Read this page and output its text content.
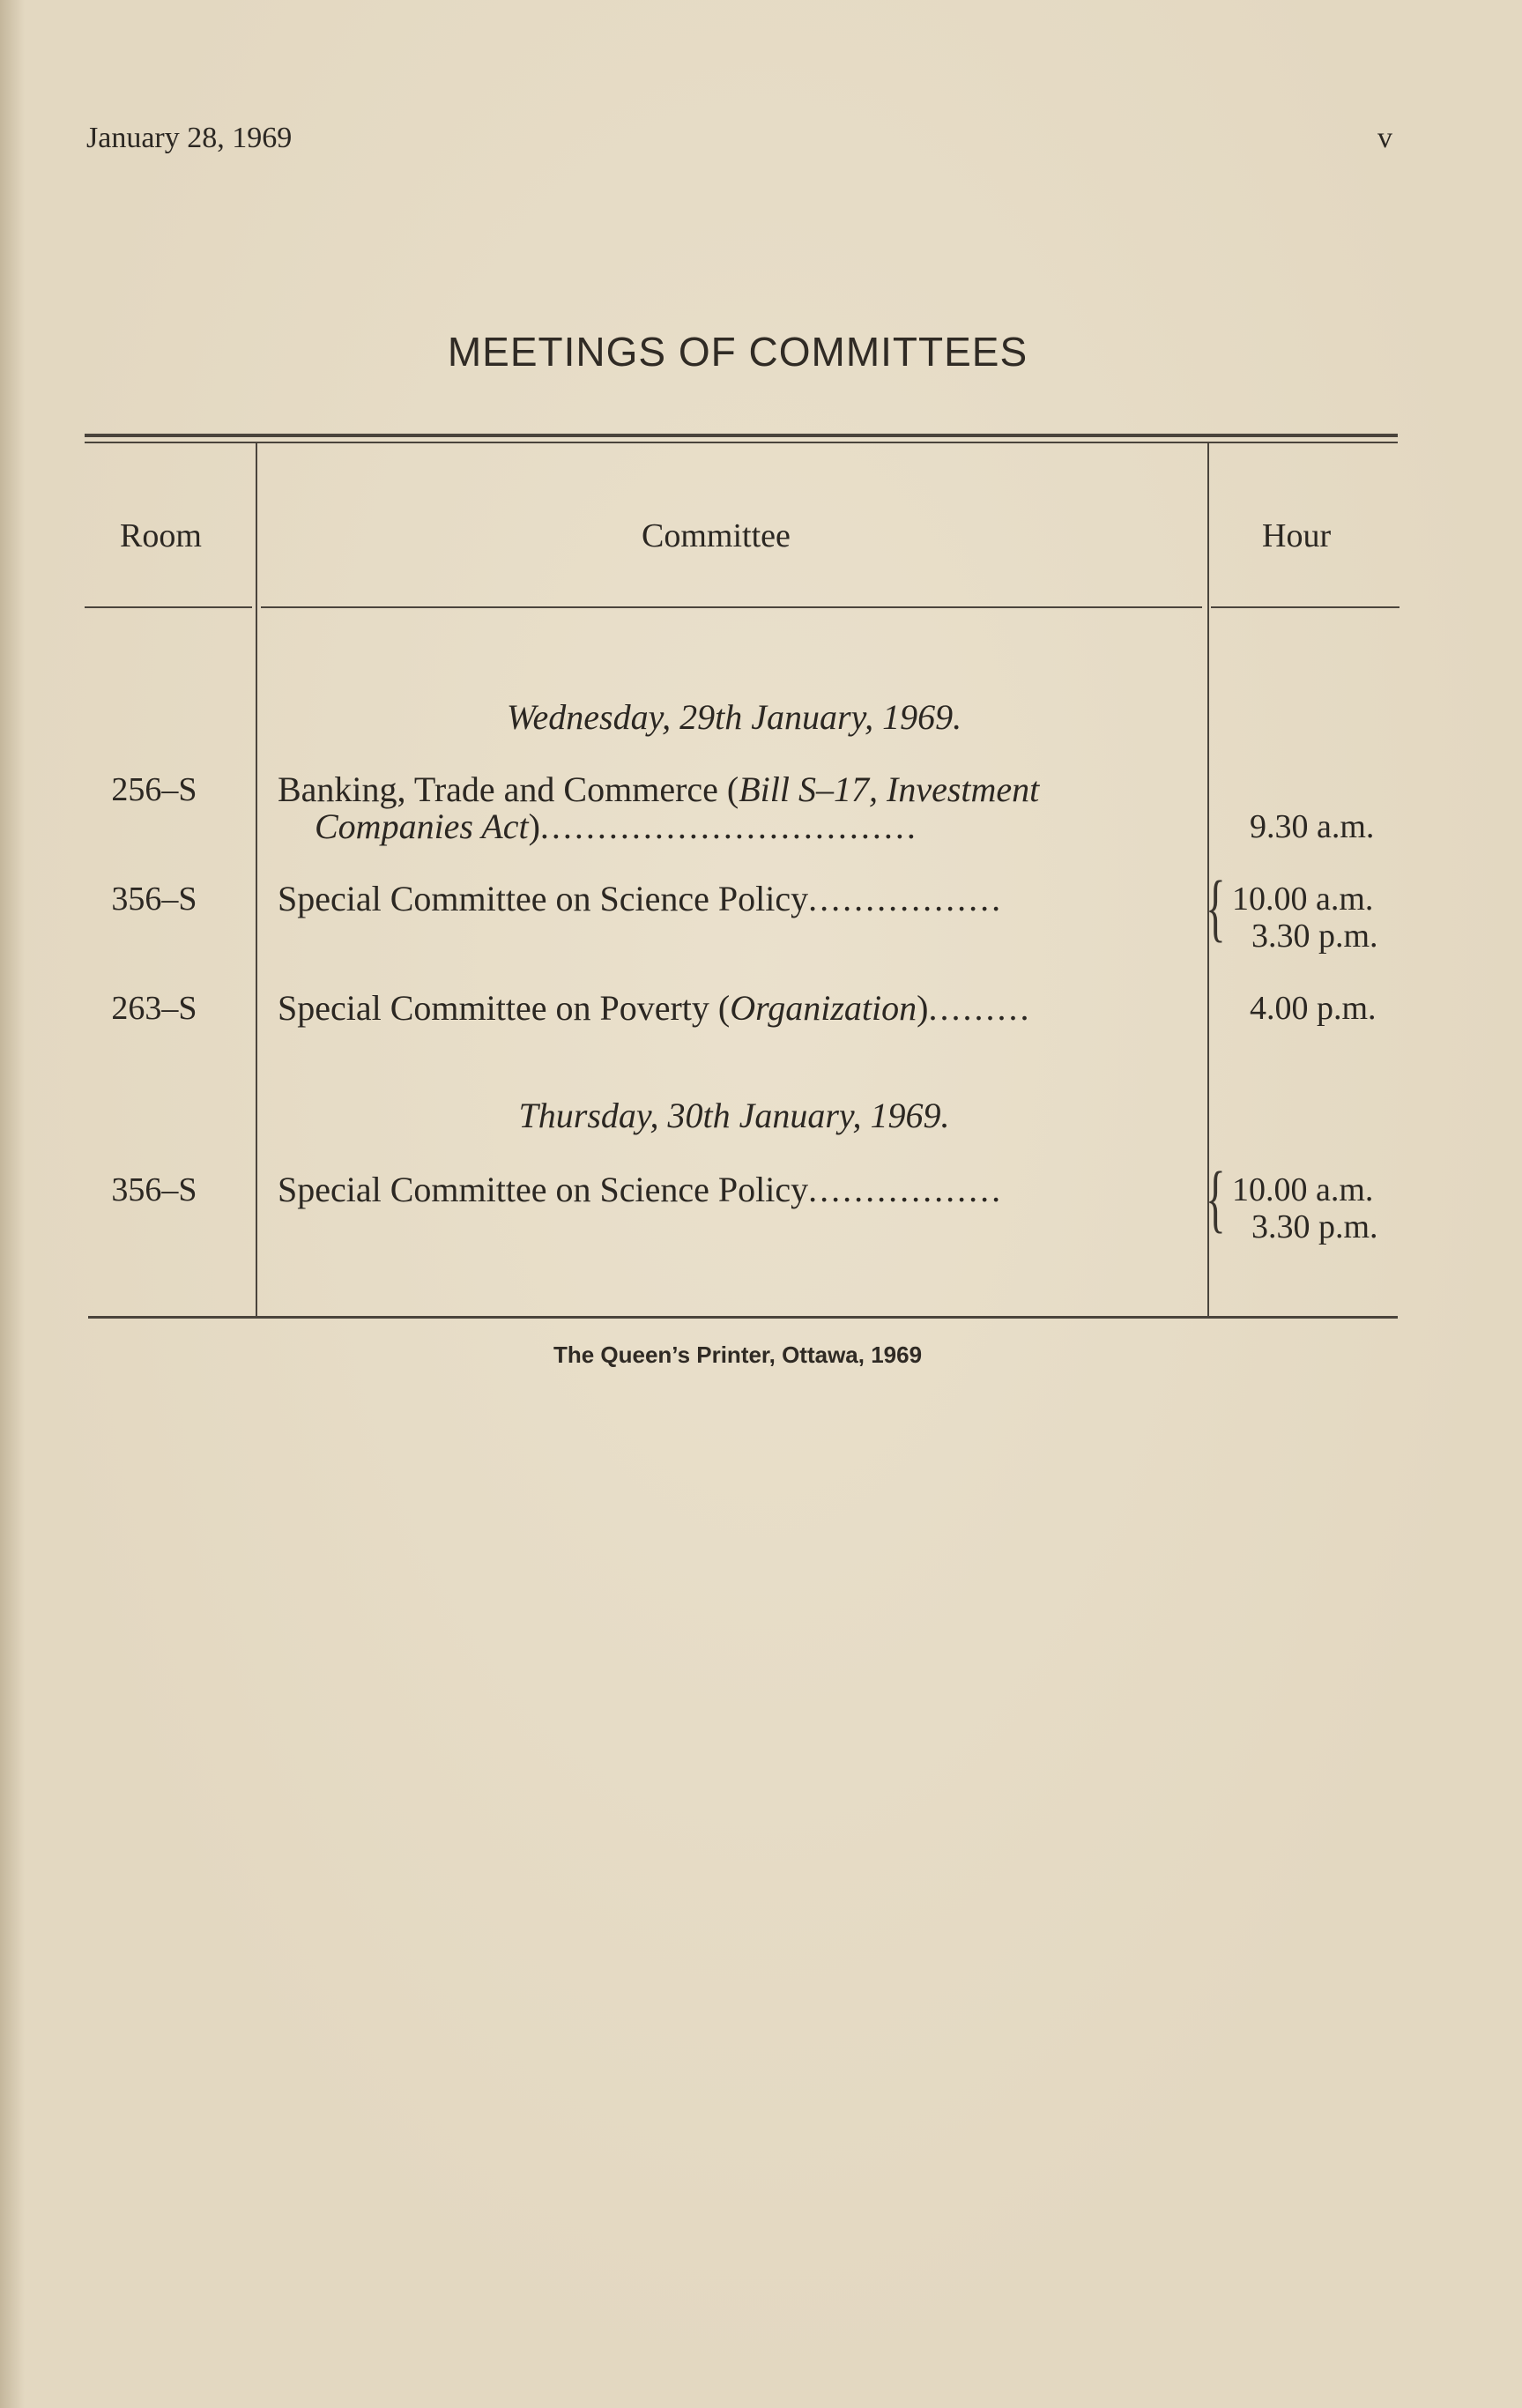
January 28, 1969	v
MEETINGS OF COMMITTEES
Room	Committee	Hour
Wednesday, 29th January, 1969.
256–S	Banking, Trade and Commerce (Bill S–17, Investment
Companies Act).................................	9.30 a.m.
356–S	Special Committee on Science Policy.................	{ 10.00 a.m.
3.30 p.m.
263–S	Special Committee on Poverty (Organization).........	4.00 p.m.
Thursday, 30th January, 1969.
356–S	Special Committee on Science Policy.................	{ 10.00 a.m.
3.30 p.m.
The Queen’s Printer, Ottawa, 1969
